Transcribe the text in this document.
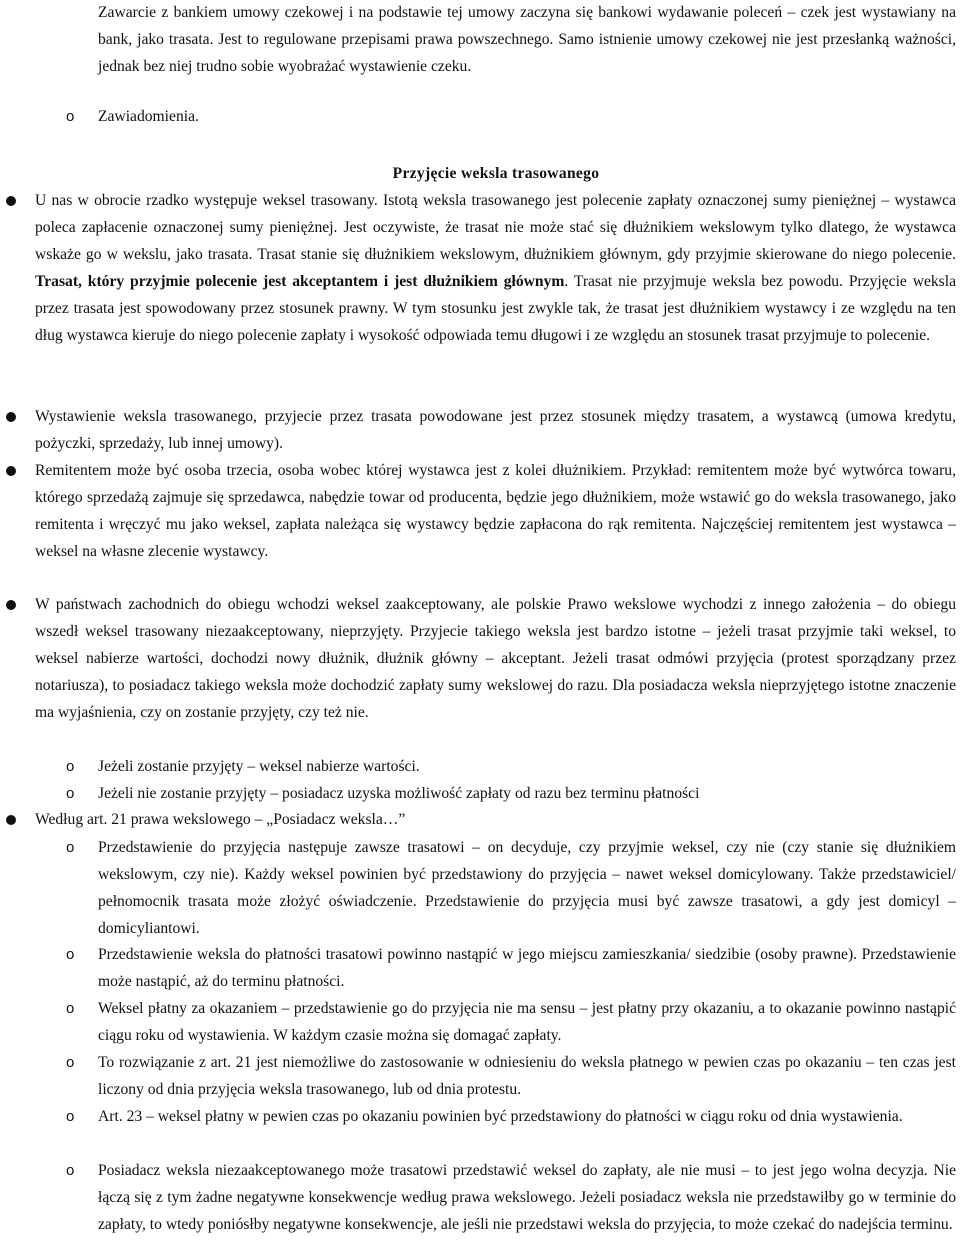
Zawarcie z bankiem umowy czekowej i na podstawie tej umowy zaczyna się bankowi wydawanie poleceń – czek jest wystawiany na bank, jako trasata. Jest to regulowane przepisami prawa powszechnego. Samo istnienie umowy czekowej nie jest przesłanką ważności, jednak bez niej trudno sobie wyobrażać wystawienie czeku.
o Zawiadomienia.
Przyjęcie weksla trasowanego
U nas w obrocie rzadko występuje weksel trasowany. Istotą weksla trasowanego jest polecenie zapłaty oznaczonej sumy pieniężnej – wystawca poleca zapłacenie oznaczonej sumy pieniężnej. Jest oczywiste, że trasat nie może stać się dłużnikiem wekslowym tylko dlatego, że wystawca wskaże go w wekslu, jako trasata. Trasat stanie się dłużnikiem wekslowym, dłużnikiem głównym, gdy przyjmie skierowane do niego polecenie. Trasat, który przyjmie polecenie jest akceptantem i jest dłużnikiem głównym. Trasat nie przyjmuje weksla bez powodu. Przyjęcie weksla przez trasata jest spowodowany przez stosunek prawny. W tym stosunku jest zwykle tak, że trasat jest dłużnikiem wystawcy i ze względu na ten dług wystawca kieruje do niego polecenie zapłaty i wysokość odpowiada temu długowi i ze względu an stosunek trasat przyjmuje to polecenie.
Wystawienie weksla trasowanego, przyjecie przez trasata powodowane jest przez stosunek między trasatem, a wystawcą (umowa kredytu, pożyczki, sprzedaży, lub innej umowy).
Remitentem może być osoba trzecia, osoba wobec której wystawca jest z kolei dłużnikiem. Przykład: remitentem może być wytwórca towaru, którego sprzedażą zajmuje się sprzedawca, nabędzie towar od producenta, będzie jego dłużnikiem, może wstawić go do weksla trasowanego, jako remitenta i wręczyć mu jako weksel, zapłata należąca się wystawcy będzie zapłacona do rąk remitenta. Najczęściej remitentem jest wystawca – weksel na własne zlecenie wystawcy.
W państwach zachodnich do obiegu wchodzi weksel zaakceptowany, ale polskie Prawo wekslowe wychodzi z innego założenia – do obiegu wszedł weksel trasowany niezaakceptowany, nieprzyjęty. Przyjecie takiego weksla jest bardzo istotne – jeżeli trasat przyjmie taki weksel, to weksel nabierze wartości, dochodzi nowy dłużnik, dłużnik główny – akceptant. Jeżeli trasat odmówi przyjęcia (protest sporządzany przez notariusza), to posiadacz takiego weksla może dochodzić zapłaty sumy wekslowej do razu. Dla posiadacza weksla nieprzyjętego istotne znaczenie ma wyjaśnienia, czy on zostanie przyjęty, czy też nie.
o Jeżeli zostanie przyjęty – weksel nabierze wartości.
o Jeżeli nie zostanie przyjęty – posiadacz uzyska możliwość zapłaty od razu bez terminu płatności
Według art. 21 prawa wekslowego – „Posiadacz weksla…”
o Przedstawienie do przyjęcia następuje zawsze trasatowi – on decyduje, czy przyjmie weksel, czy nie (czy stanie się dłużnikiem wekslowym, czy nie). Każdy weksel powinien być przedstawiony do przyjęcia – nawet weksel domicylowany. Także przedstawiciel/ pełnomocnik trasata może złożyć oświadczenie. Przedstawienie do przyjęcia musi być zawsze trasatowi, a gdy jest domicyl – domicyliantowi.
o Przedstawienie weksla do płatności trasatowi powinno nastąpić w jego miejscu zamieszkania/ siedzibie (osoby prawne). Przedstawienie może nastąpić, aż do terminu płatności.
o Weksel płatny za okazaniem – przedstawienie go do przyjęcia nie ma sensu – jest płatny przy okazaniu, a to okazanie powinno nastąpić ciągu roku od wystawienia. W każdym czasie można się domagać zapłaty.
o To rozwiązanie z art. 21 jest niemożliwe do zastosowanie w odniesieniu do weksla płatnego w pewien czas po okazaniu – ten czas jest liczony od dnia przyjęcia weksla trasowanego, lub od dnia protestu.
o Art. 23 – weksel płatny w pewien czas po okazaniu powinien być przedstawiony do płatności w ciągu roku od dnia wystawienia.
o Posiadacz weksla niezaakceptowanego może trasatowi przedstawić weksel do zapłaty, ale nie musi – to jest jego wolna decyzja. Nie łączą się z tym żadne negatywne konsekwencje według prawa wekslowego. Jeżeli posiadacz weksla nie przedstawiłby go w terminie do zapłaty, to wtedy poniósłby negatywne konsekwencje, ale jeśli nie przedstawi weksla do przyjęcia, to może czekać do nadejścia terminu.
